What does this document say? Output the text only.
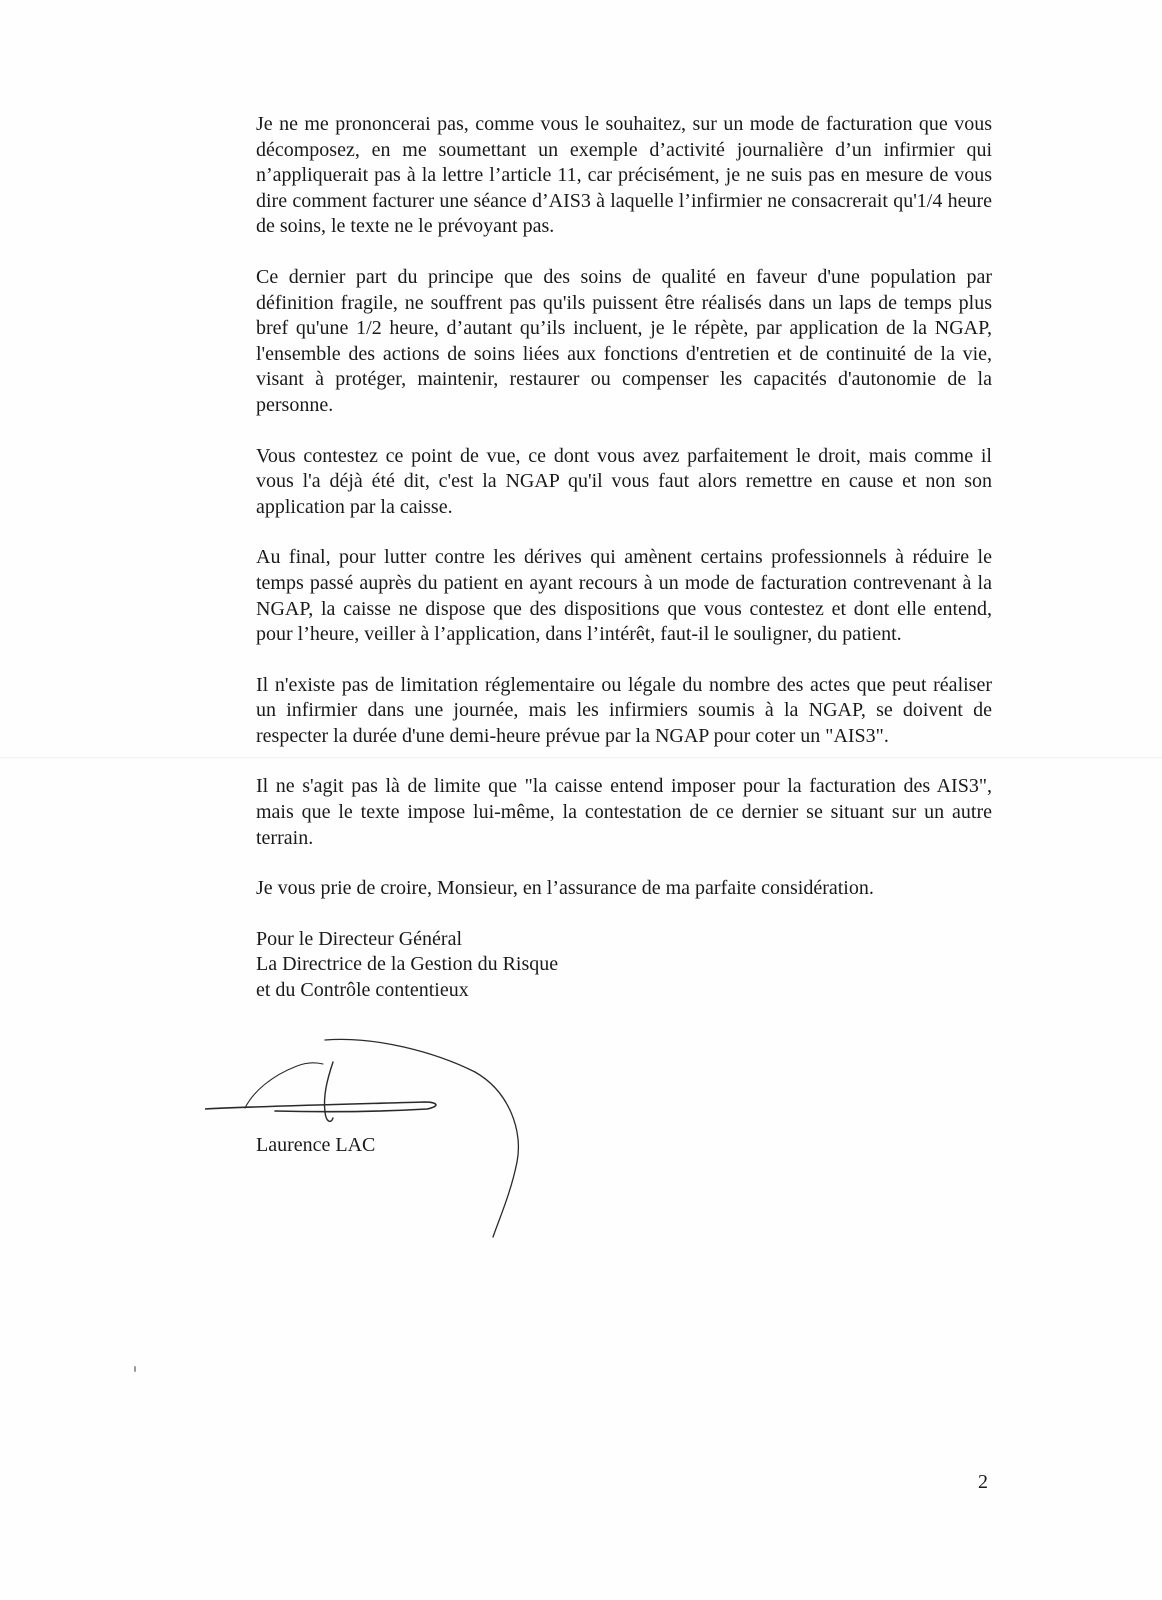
Je ne me prononcerai pas, comme vous le souhaitez, sur un mode de facturation que vous décomposez, en me soumettant un exemple d’activité journalière d’un infirmier qui n’appliquerait pas à la lettre l’article 11, car précisément, je ne suis pas en mesure de vous dire comment facturer une séance d’AIS3 à laquelle l’infirmier ne consacrerait qu'1/4 heure de soins, le texte ne le prévoyant pas.

Ce dernier part du principe que des soins de qualité en faveur d'une population par définition fragile, ne souffrent pas qu'ils puissent être réalisés dans un laps de temps plus bref qu'une 1/2 heure, d’autant qu’ils incluent, je le répète, par application de la NGAP, l'ensemble des actions de soins liées aux fonctions d'entretien et de continuité de la vie, visant à protéger, maintenir, restaurer ou compenser les capacités d'autonomie de la personne.

Vous contestez ce point de vue, ce dont vous avez parfaitement le droit, mais comme il vous l'a déjà été dit, c'est la NGAP qu'il vous faut alors remettre en cause et non son application par la caisse.

Au final, pour lutter contre les dérives qui amènent certains professionnels à réduire le temps passé auprès du patient en ayant recours à un mode de facturation contrevenant à la NGAP, la caisse ne dispose que des dispositions que vous contestez et dont elle entend, pour l’heure, veiller à l’application, dans l’intérêt, faut-il le souligner, du patient.

Il n'existe pas de limitation réglementaire ou légale du nombre des actes que peut réaliser un infirmier dans une journée, mais les infirmiers soumis à la NGAP, se doivent de respecter la durée d'une demi-heure prévue par la NGAP pour coter un "AIS3".

Il ne s'agit pas là de limite que "la caisse entend imposer pour la facturation des AIS3", mais que le texte impose lui-même, la contestation de ce dernier se situant sur un autre terrain.

Je vous prie de croire, Monsieur, en l’assurance de ma parfaite considération.

Pour le Directeur Général
La Directrice de la Gestion du Risque
et du Contrôle contentieux
Laurence LAC
2
